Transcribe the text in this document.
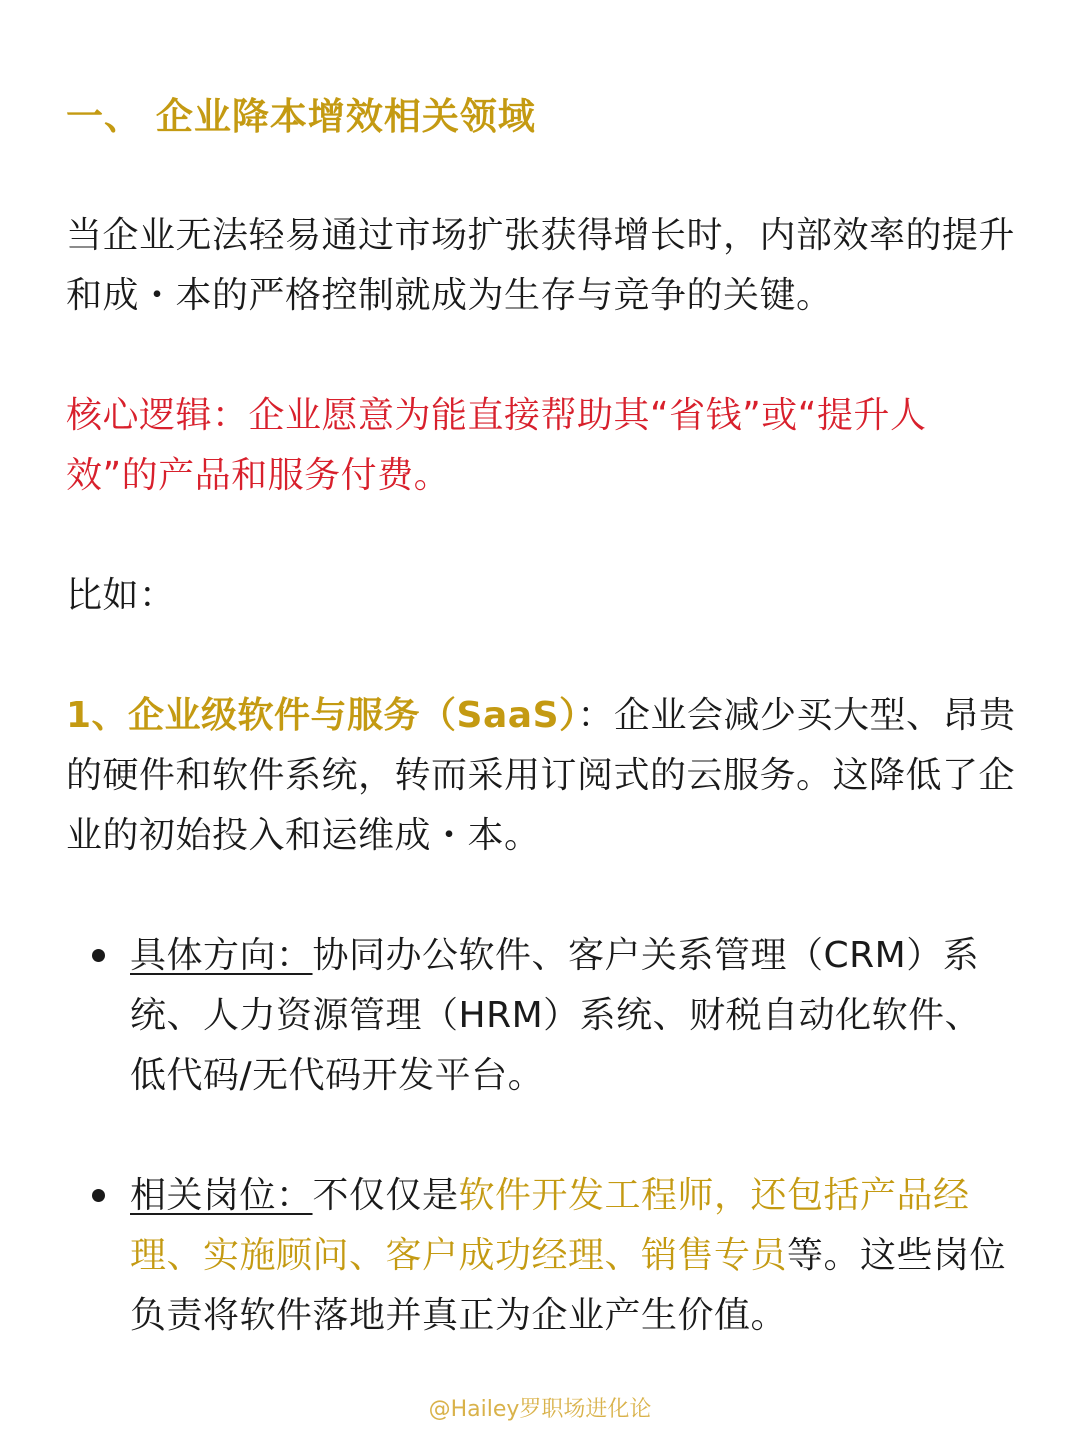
一、 企业降本增效相关领域
当企业无法轻易通过市场扩张获得增长时，内部效率的提升和成・本的严格控制就成为生存与竞争的关键。
核心逻辑：企业愿意为能直接帮助其“省钱”或“提升人效”的产品和服务付费。
比如：
1、企业级软件与服务（SaaS）：企业会减少买大型、昂贵的硬件和软件系统，转而采用订阅式的云服务。这降低了企业的初始投入和运维成・本。
具体方向：协同办公软件、客户关系管理（CRM）系统、人力资源管理（HRM）系统、财税自动化软件、低代码/无代码开发平台。
相关岗位：不仅仅是软件开发工程师，还包括产品经理、实施顾问、客户成功经理、销售专员等。这些岗位负责将软件落地并真正为企业产生价值。
@Hailey罗职场进化论
